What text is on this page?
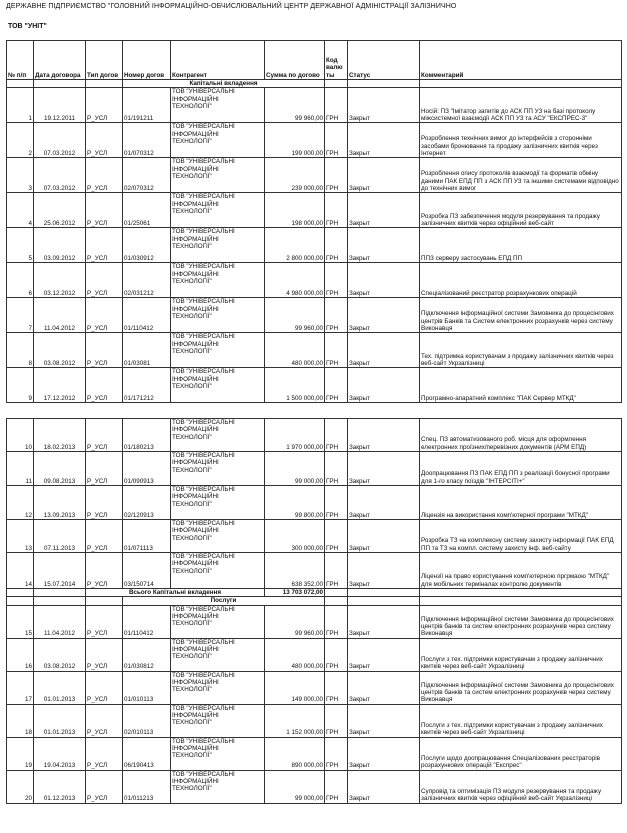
ДЕРЖАВНЕ ПІДПРИЄМСТВО "ГОЛОВНИЙ ІНФОРМАЦІЙНО-ОБЧИСЛЮВАЛЬНИЙ ЦЕНТР ДЕРЖАВНОЇ АДМІНІСТРАЦІЇ ЗАЛІЗНИЧНО
ТОВ "УНІТ"
№ п/п	Дата договора	Тип догов	Номер догов	Контрагент	Сумма по догово	Код валю ты	Статус	Комментарий
			Капітальні вкладення					
1	19.12.2011	Р_УСЛ	01/191211	ТОВ "УНІВЕРСАЛЬНІ
ІНФОРМАЦІЙНІ
ТЕХНОЛОГІЇ"	99 960,00	ГРН	Закрыт	Носій: ПЗ "Імітатор запитів до АСК ПП УЗ на базі протоколу міжсистемної взаємодії АСК ПП УЗ та АСУ "ЕКСПРЕС-3"
2	07.03.2012	Р_УСЛ	01/070312	ТОВ "УНІВЕРСАЛЬНІ
ІНФОРМАЦІЙНІ
ТЕХНОЛОГІЇ"	199 000,00	ГРН	Закрыт	Розроблення технічних вимог до інтерфейсів з сторонніми засобами бронювання та продажу залізничних квитків через Інтернет
3	07.03.2012	Р_УСЛ	02/070312	ТОВ "УНІВЕРСАЛЬНІ
ІНФОРМАЦІЙНІ
ТЕХНОЛОГІЇ"	239 000,00	ГРН	Закрыт	Розроблення опису протоколів взаємодії та форматів обміну даними ПАК ЕПД ПП з АСК ПП УЗ та іншими системами відповідно до технічних вимог
4	25.06.2012	Р_УСЛ	01/25061	ТОВ "УНІВЕРСАЛЬНІ
ІНФОРМАЦІЙНІ
ТЕХНОЛОГІЇ"	198 000,00	ГРН	Закрыт	Розробка ПЗ забезпечення модуля резервування та продажу залізничних квитків через офіційний веб-сайт
5	03.09.2012	Р_УСЛ	01/030912	ТОВ "УНІВЕРСАЛЬНІ
ІНФОРМАЦІЙНІ
ТЕХНОЛОГІЇ"	2 800 000,00	ГРН	Закрыт	ППЗ серверу застосувань ЕПД ПП
6	03.12.2012	Р_УСЛ	02/031212	ТОВ "УНІВЕРСАЛЬНІ
ІНФОРМАЦІЙНІ
ТЕХНОЛОГІЇ"	4 980 000,00	ГРН	Закрыт	Спеціалізований реєстратор розрахункових операцій
7	11.04.2012	Р_УСЛ	01/110412	ТОВ "УНІВЕРСАЛЬНІ
ІНФОРМАЦІЙНІ
ТЕХНОЛОГІЇ"	99 960,00	ГРН	Закрыт	Підключення інформаційної системи Замовника до процесінгових центрів Банків та Систем електронних розрахунків через систему Виконавця
8	03.08.2012	Р_УСЛ	01/03081	ТОВ "УНІВЕРСАЛЬНІ
ІНФОРМАЦІЙНІ
ТЕХНОЛОГІЇ"	480 000,00	ГРН	Закрыт	Тех. підтримка користувачам з продажу залізничних квитків через веб-сайт Укрзалізниці
9	17.12.2012	Р_УСЛ	01/171212	ТОВ "УНІВЕРСАЛЬНІ
ІНФОРМАЦІЙНІ
ТЕХНОЛОГІЇ"	1 500 000,00	ГРН	Закрыт	Програмно-апаратний комплекс "ПАК Сервер МТКД"
10	18.02.2013	Р_УСЛ	01/180213	ТОВ "УНІВЕРСАЛЬНІ
ІНФОРМАЦІЙНІ
ТЕХНОЛОГІЇ"	1 970 000,00	ГРН	Закрыт	Спец. ПЗ автоматизованого роб. місця для оформлення електронних проїзних/перевізних документів (АРМ ЕПД)
11	09.08.2013	Р_УСЛ	01/090913	ТОВ "УНІВЕРСАЛЬНІ
ІНФОРМАЦІЙНІ
ТЕХНОЛОГІЇ"	99 000,00	ГРН	Закрыт	Доопрацювання ПЗ ПАК ЕПД ПП з реалізації бонусної програми для 1-го класу поїздів "ІНТЕРСІТІ+"
12	13.09.2013	Р_УСЛ	02/120913	ТОВ "УНІВЕРСАЛЬНІ
ІНФОРМАЦІЙНІ
ТЕХНОЛОГІЇ"	99 800,00	ГРН	Закрыт	Ліцензія на використання комп'ютерної програми "МТКД"
13	07.11.2013	Р_УСЛ	01/071113	ТОВ "УНІВЕРСАЛЬНІ
ІНФОРМАЦІЙНІ
ТЕХНОЛОГІЇ"	300 000,00	ГРН	Закрыт	Розробка ТЗ на комплексну систему захисту інформації ПАК ЕПД ПП та ТЗ на компл. систему захисту інф. веб-сайту
14	15.07.2014	Р_УСЛ	03/150714	ТОВ "УНІВЕРСАЛЬНІ
ІНФОРМАЦІЙНІ
ТЕХНОЛОГІЇ"	638 352,00	ГРН	Закрыт	Ліцензії на право користування комп'ютерною пргрмаою "МТКД" для мобільних терміналах контролю документів
		Всього Капітальні вкладення			13 703 072,00			
			Послуги					
15	11.04.2012	Р_УСЛ	01/110412	ТОВ "УНІВЕРСАЛЬНІ
ІНФОРМАЦІЙНІ
ТЕХНОЛОГІЇ"	99 960,00	ГРН	Закрыт	Підключення інформаційної системи Замовника до процесінгових центрів банків та систем електронних розрахунків через систему Виконавця
16	03.08.2012	Р_УСЛ	01/030812	ТОВ "УНІВЕРСАЛЬНІ
ІНФОРМАЦІЙНІ
ТЕХНОЛОГІЇ"	480 000,00	ГРН	Закрыт	Послуги з тех. підтримки користувачам з продажу залізничних квитків через веб-сайт Укрзалізниці
17	01.01.2013	Р_УСЛ	01/010113	ТОВ "УНІВЕРСАЛЬНІ
ІНФОРМАЦІЙНІ
ТЕХНОЛОГІЇ"	149 000,00	ГРН	Закрыт	Підключення інформаційної системи Замовника до процесінгових центрів банків та систем електронних розрахунків через систему Виконавця
18	01.01.2013	Р_УСЛ	02/010113	ТОВ "УНІВЕРСАЛЬНІ
ІНФОРМАЦІЙНІ
ТЕХНОЛОГІЇ"	1 152 000,00	ГРН	Закрыт	Послуги з тех. підтримки користувачам з продажу залізничних квитків через веб-сайт Укрзалізниці
19	19.04.2013	Р_УСЛ	06/190413	ТОВ "УНІВЕРСАЛЬНІ
ІНФОРМАЦІЙНІ
ТЕХНОЛОГІЇ"	890 000,00	ГРН	Закрыт	Послуги щодо доопрацювання Спеціалізованих реєстраторів розрахункових операцій "Експрес"
20	01.12.2013	Р_УСЛ	01/011213	ТОВ "УНІВЕРСАЛЬНІ
ІНФОРМАЦІЙНІ
ТЕХНОЛОГІЇ"	99 000,00	ГРН	Закрыт	Супровід та оптимізація ПЗ модуля резервування та продажу залізничних квитків через офіційний веб-сайт Укрзалізниці
